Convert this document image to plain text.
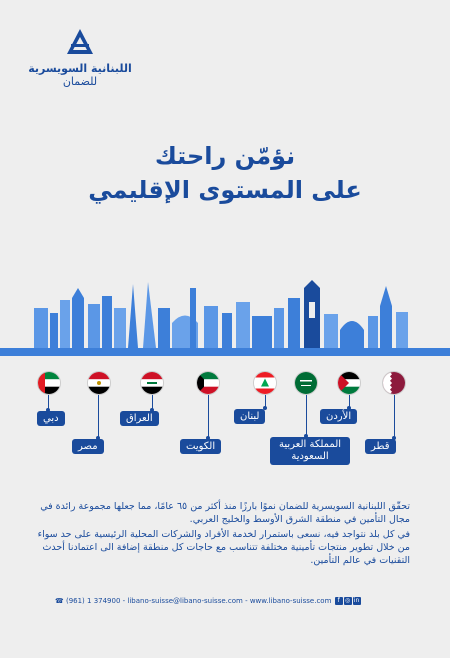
اللبنانية السويسرية
للضمان
نؤمّن راحتك
على المستوى الإقليمي
دبي
مصر
العراق
الكويت
لبنان
المملكة العربية السعودية
الأردن
قطر
تحقّق اللبنانية السويسرية للضمان نموًا بارزًا منذ أكثر من ٦٥ عامًا، مما جعلها مجموعة رائدة في مجال التأمين في منطقة الشرق الأوسط والخليج العربي.
في كل بلد نتواجد فيه، نسعى باستمرار لخدمة الأفراد والشركات المحلية الرئيسية على حد سواء من خلال تطوير منتجات تأمينية مختلفة تتناسب مع حاجات كل منطقة إضافة الى اعتمادنا أحدث التقنيات في عالم التأمين.
☎ (961) 1 374900 - libano-suisse@libano-suisse.com - www.libano-suisse.com f ◎ in
